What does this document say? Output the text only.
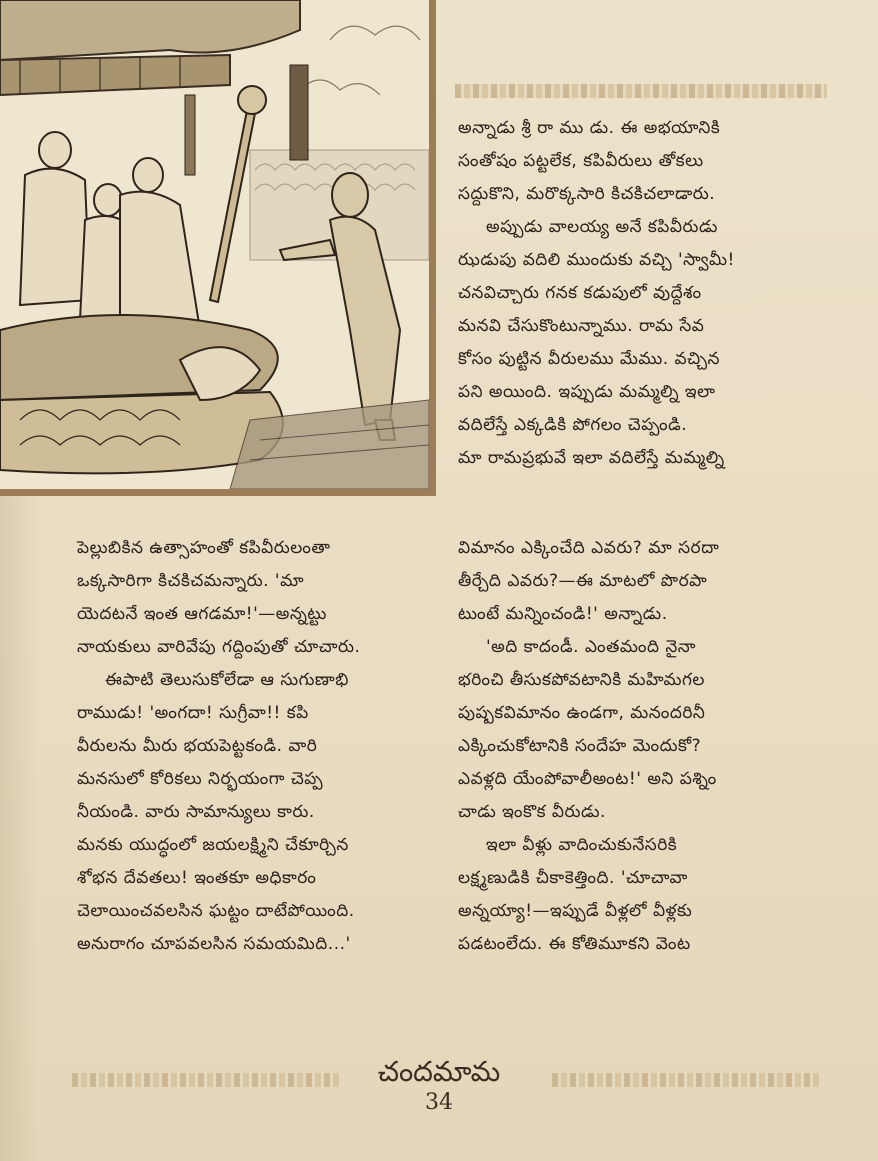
అన్నాడు శ్రీ రా ము డు. ఈ అభయానికి

సంతోషం పట్టలేక, కపివీరులు తోకలు

సద్దుకొని, మరొక్కసారి కిచకిచలాడారు.

అప్పుడు వాలయ్య అనే కపివీరుడు

ఝడుపు వదిలి ముందుకు వచ్చి 'స్వామీ!

చనవిచ్చారు గనక కడుపులో వుద్దేశం

మనవి చేసుకొంటున్నాము. రామ సేవ

కోసం పుట్టిన వీరులము మేము. వచ్చిన

పని అయింది. ఇప్పుడు మమ్మల్ని ఇలా

వదిలేస్తే ఎక్కడికి పోగలం చెప్పండి.

మా రామప్రభువే ఇలా వదిలేస్తే మమ్మల్ని

పెల్లుబికిన ఉత్సాహంతో కపివీరులంతా

ఒక్కసారిగా కిచకిచమన్నారు. 'మా

యెదటనే ఇంత ఆగడమా!'—అన్నట్టు

నాయకులు వారివేపు గద్దింపుతో చూచారు.

ఈపాటి తెలుసుకోలేడా ఆ సుగుణాభి

రాముడు! 'అంగదా! సుగ్రీవా!! కపి

వీరులను మీరు భయపెట్టకండి. వారి

మనసులో కోరికలు నిర్భయంగా చెప్ప

నీయండి. వారు సామాన్యులు కారు.

మనకు యుద్ధంలో జయలక్ష్మిని చేకూర్చిన

శోభన దేవతలు! ఇంతకూ అధికారం

చెలాయించవలసిన ఘట్టం దాటేపోయింది.

అనురాగం చూపవలసిన సమయమిది...'

విమానం ఎక్కించేది ఎవరు? మా సరదా

తీర్చేది ఎవరు?—ఈ మాటలో పొరపా

టుంటే మన్నించండి!' అన్నాడు.

'అది కాదండీ. ఎంతమంది నైనా

భరించి తీసుకపోవటానికి మహిమగల

పుష్పకవిమానం ఉండగా, మనందరినీ

ఎక్కించుకోటానికి సందేహ మెందుకో?

ఎవళ్లది యేంపోవాలీఅంట!' అని పశ్నిం

చాడు ఇంకొక వీరుడు.

ఇలా వీళ్లు వాదించుకునేసరికి

లక్ష్మణుడికి చీకాకెత్తింది. 'చూచావా

అన్నయ్యా!—ఇప్పుడే వీళ్లలో వీళ్లకు

పడటంలేదు. ఈ కోతిమూకని వెంట

చందమామ
34
